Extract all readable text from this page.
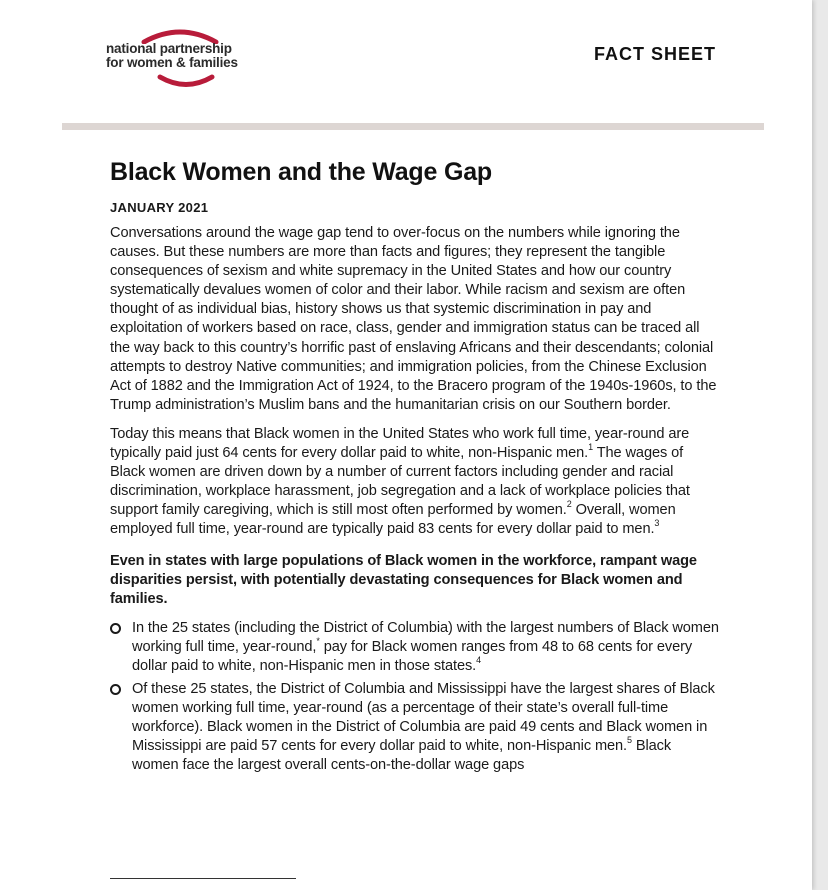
national partnership
for women & families	FACT SHEET
Black Women and the Wage Gap
JANUARY 2021

Conversations around the wage gap tend to over-focus on the numbers while ignoring the causes. But these numbers are more than facts and figures; they represent the tangible consequences of sexism and white supremacy in the United States and how our country systematically devalues women of color and their labor. While racism and sexism are often thought of as individual bias, history shows us that systemic discrimination in pay and exploitation of workers based on race, class, gender and immigration status can be traced all the way back to this country’s horrific past of enslaving Africans and their descendants; colonial attempts to destroy Native communities; and immigration policies, from the Chinese Exclusion Act of 1882 and the Immigration Act of 1924, to the Bracero program of the 1940s-1960s, to the Trump administration’s Muslim bans and the humanitarian crisis on our Southern border.

Today this means that Black women in the United States who work full time, year-round are typically paid just 64 cents for every dollar paid to white, non-Hispanic men.$^1$ The wages of Black women are driven down by a number of current factors including gender and racial discrimination, workplace harassment, job segregation and a lack of workplace policies that support family caregiving, which is still most often performed by women.$^2$ Overall, women employed full time, year-round are typically paid 83 cents for every dollar paid to men.$^3$

Even in states with large populations of Black women in the workforce, rampant wage disparities persist, with potentially devastating consequences for Black women and families.

In the 25 states (including the District of Columbia) with the largest numbers of Black women working full time, year-round,* pay for Black women ranges from 48 to 68 cents for every dollar paid to white, non-Hispanic men in those states.$^4$
Of these 25 states, the District of Columbia and Mississippi have the largest shares of Black women working full time, year-round (as a percentage of their state’s overall full-time workforce). Black women in the District of Columbia are paid 49 cents and Black women in Mississippi are paid 57 cents for every dollar paid to white, non-Hispanic men.$^5$ Black women face the largest overall cents-on-the-dollar wage gaps
